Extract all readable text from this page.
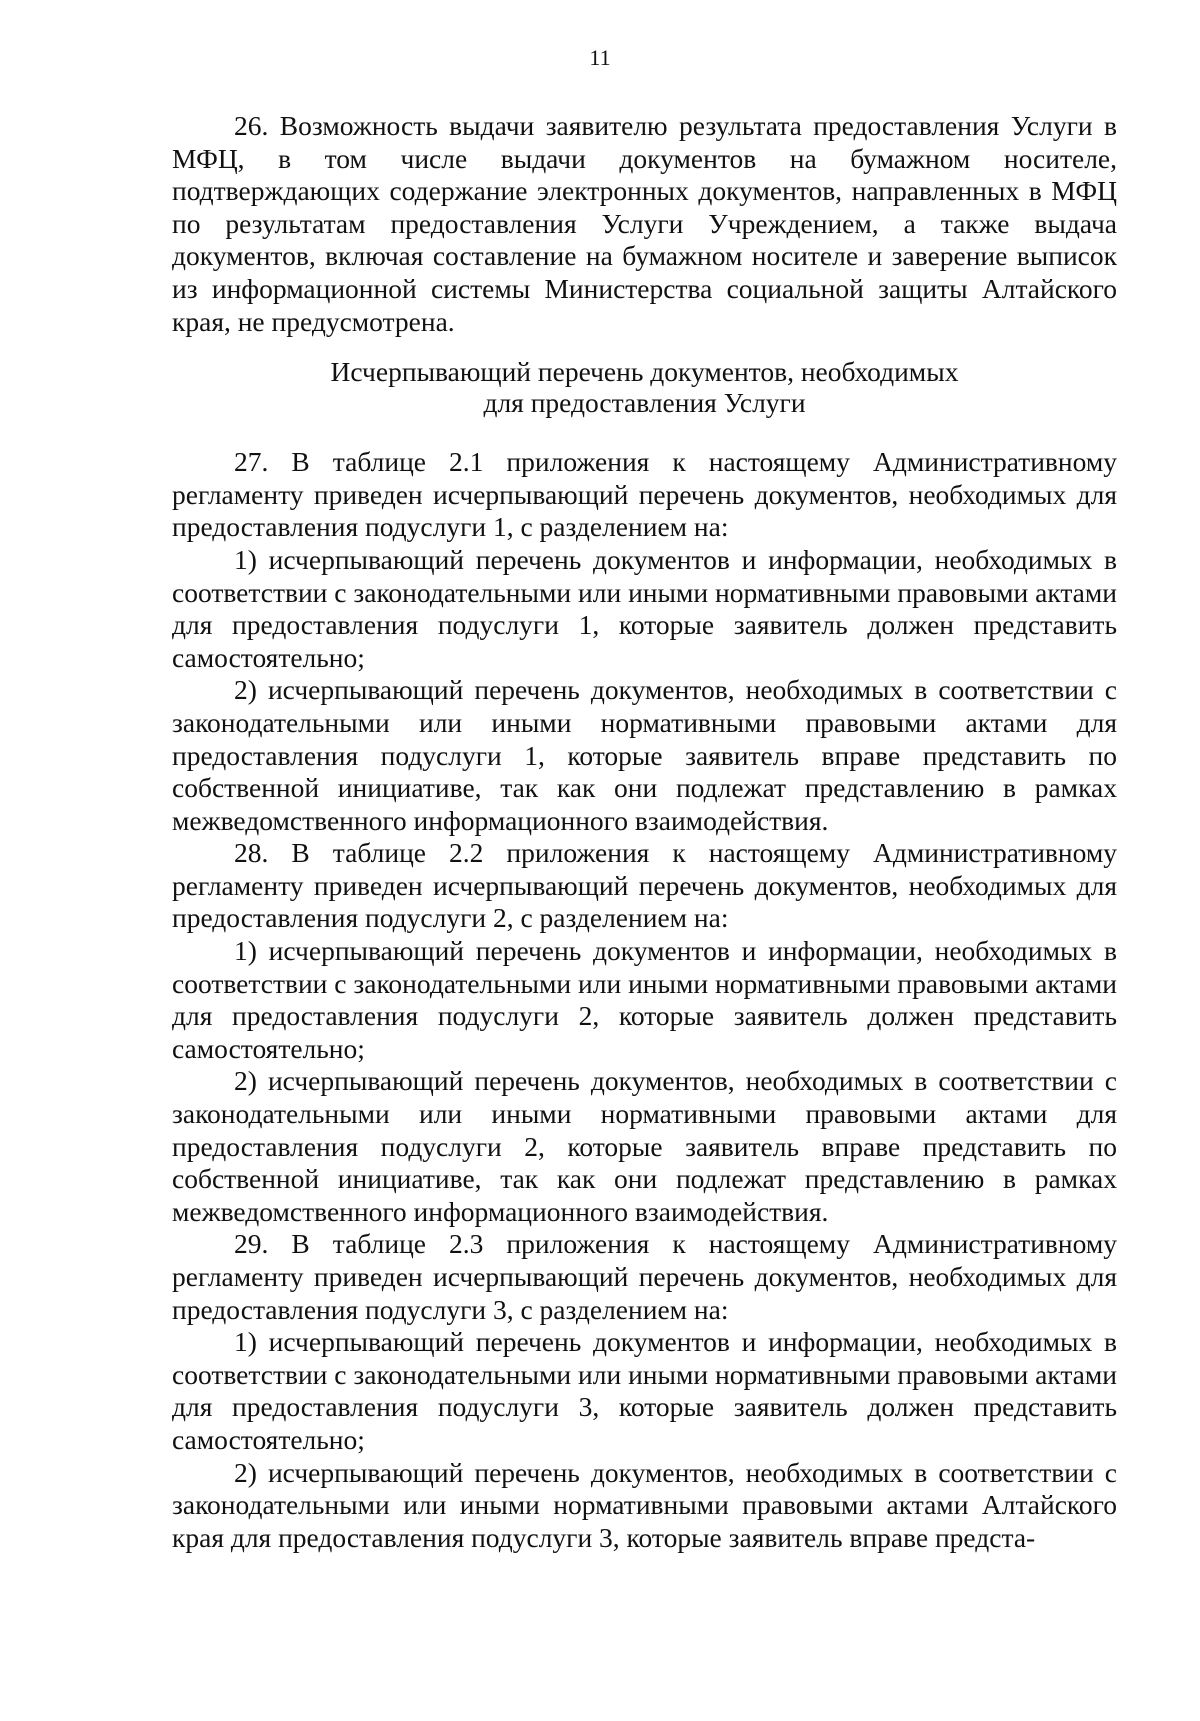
11

26. Возможность выдачи заявителю результата предоставления Услуги в МФЦ, в том числе выдачи документов на бумажном носителе, подтверждающих содержание электронных документов, направленных в МФЦ по результатам предоставления Услуги Учреждением, а также выдача документов, включая составление на бумажном носителе и заверение выписок из информационной системы Министерства социальной защиты Алтайского края, не предусмотрена.

Исчерпывающий перечень документов, необходимых
для предоставления Услуги

27. В таблице 2.1 приложения к настоящему Административному регламенту приведен исчерпывающий перечень документов, необходимых для предоставления подуслуги 1, с разделением на:

1) исчерпывающий перечень документов и информации, необходимых в соответствии с законодательными или иными нормативными правовыми актами для предоставления подуслуги 1, которые заявитель должен представить самостоятельно;

2) исчерпывающий перечень документов, необходимых в соответствии с законодательными или иными нормативными правовыми актами для предоставления подуслуги 1, которые заявитель вправе представить по собственной инициативе, так как они подлежат представлению в рамках межведомственного информационного взаимодействия.

28. В таблице 2.2 приложения к настоящему Административному регламенту приведен исчерпывающий перечень документов, необходимых для предоставления подуслуги 2, с разделением на:

1) исчерпывающий перечень документов и информации, необходимых в соответствии с законодательными или иными нормативными правовыми актами для предоставления подуслуги 2, которые заявитель должен представить самостоятельно;

2) исчерпывающий перечень документов, необходимых в соответствии с законодательными или иными нормативными правовыми актами для предоставления подуслуги 2, которые заявитель вправе представить по собственной инициативе, так как они подлежат представлению в рамках межведомственного информационного взаимодействия.

29. В таблице 2.3 приложения к настоящему Административному регламенту приведен исчерпывающий перечень документов, необходимых для предоставления подуслуги 3, с разделением на:

1) исчерпывающий перечень документов и информации, необходимых в соответствии с законодательными или иными нормативными правовыми актами для предоставления подуслуги 3, которые заявитель должен представить самостоятельно;

2) исчерпывающий перечень документов, необходимых в соответствии с законодательными или иными нормативными правовыми актами Алтайского края для предоставления подуслуги 3, которые заявитель вправе предста-
